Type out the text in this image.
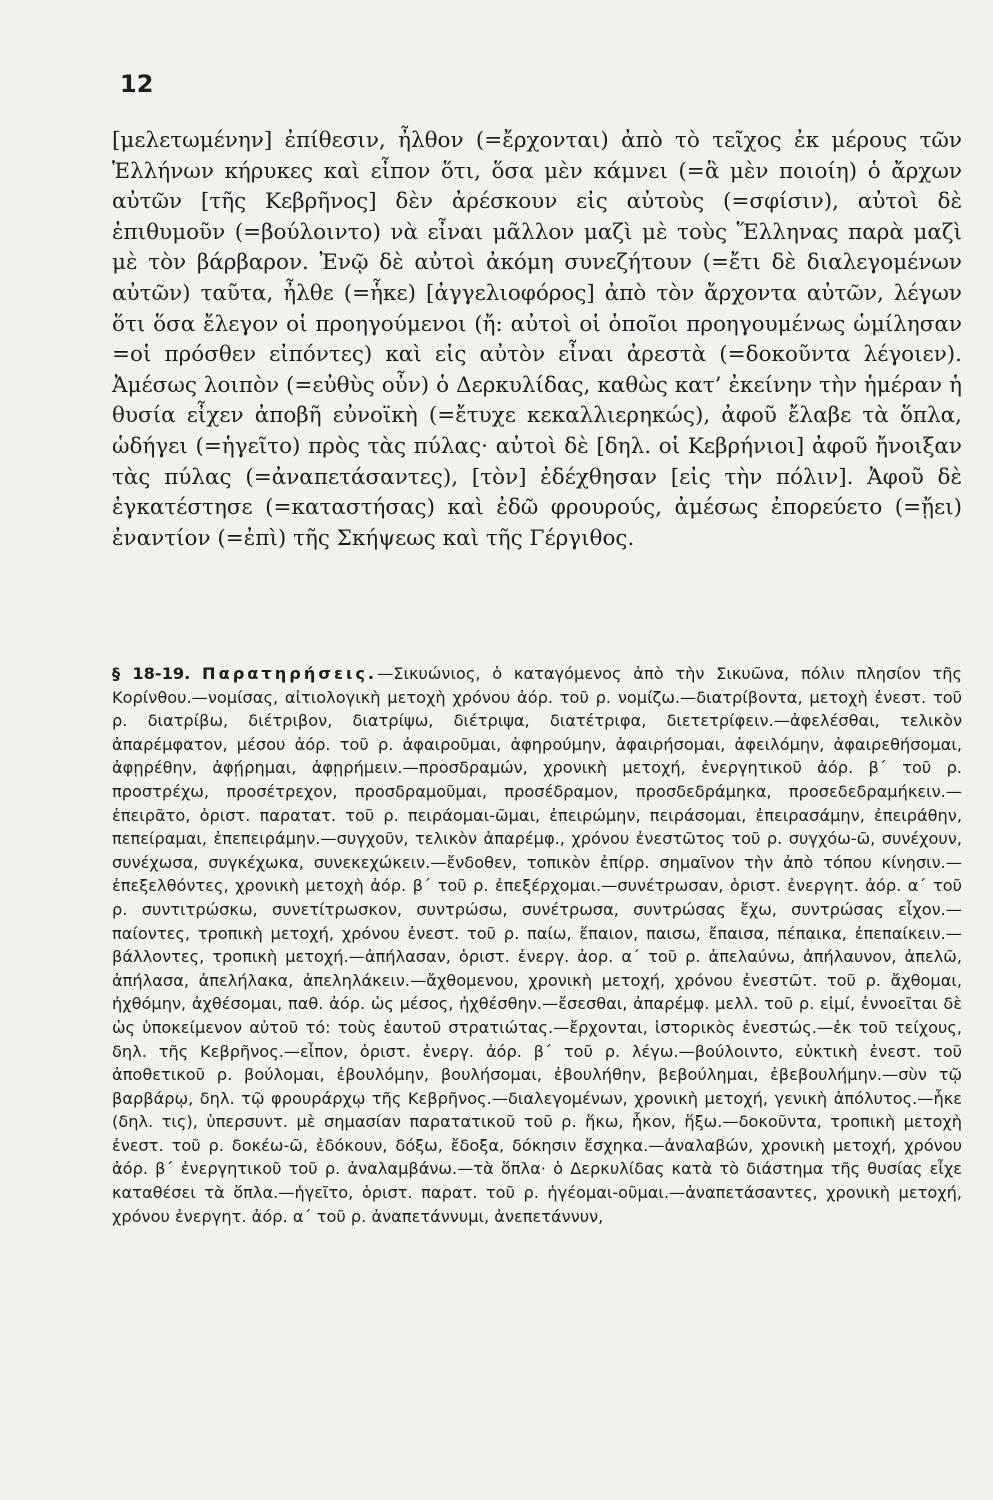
12

[μελετωμένην] ἐπίθεσιν, ἦλθον (=ἔρχονται) ἀπὸ τὸ τεῖχος ἐκ μέρους τῶν Ἑλλήνων κήρυκες καὶ εἶπον ὅτι, ὅσα μὲν κάμνει (=ἃ μὲν ποιοίη) ὁ ἄρχων αὐτῶν [τῆς Κεβρῆνος] δὲν ἀρέσκουν εἰς αὐτοὺς (=σφίσιν), αὐτοὶ δὲ ἐπιθυμοῦν (=βούλοιντο) νὰ εἶναι μᾶλλον μαζὶ μὲ τοὺς Ἕλληνας παρὰ μαζὶ μὲ τὸν βάρβαρον. Ἐνῷ δὲ αὐτοὶ ἀκόμη συνεζήτουν (=ἔτι δὲ διαλεγομένων αὐτῶν) ταῦτα, ἦλθε (=ἧκε) [ἀγγελιοφόρος] ἀπὸ τὸν ἄρχοντα αὐτῶν, λέγων ὅτι ὅσα ἔλεγον οἱ προηγούμενοι (ἤ: αὐτοὶ οἱ ὁποῖοι προηγουμένως ὡμίλησαν =οἱ πρόσθεν εἰπόντες) καὶ εἰς αὐτὸν εἶναι ἀρεστὰ (=δοκοῦντα λέγοιεν). Ἀμέσως λοιπὸν (=εὐθὺς οὖν) ὁ Δερκυλίδας, καθὼς κατ’ ἐκείνην τὴν ἡμέραν ἡ θυσία εἶχεν ἀποβῆ εὐνοϊκὴ (=ἔτυχε κεκαλλιερηκώς), ἀφοῦ ἔλαβε τὰ ὅπλα, ὡδήγει (=ἡγεῖτο) πρὸς τὰς πύλας· αὐτοὶ δὲ [δηλ. οἱ Κεβρήνιοι] ἀφοῦ ἤνοιξαν τὰς πύλας (=ἀναπετάσαντες), [τὸν] ἐδέχθησαν [εἰς τὴν πόλιν]. Ἀφοῦ δὲ ἐγκατέστησε (=καταστήσας) καὶ ἐδῶ φρουρούς, ἀμέσως ἐπορεύετο (=ᾔει) ἐναντίον (=ἐπὶ) τῆς Σκήψεως καὶ τῆς Γέργιθος.

§ 18-19. Παρατηρήσεις.—Σικυώνιος, ὁ καταγόμενος ἀπὸ τὴν Σικυῶνα, πόλιν πλησίον τῆς Κορίνθου.—νομίσας, αἰτιολογικὴ μετοχὴ χρόνου ἀόρ. τοῦ ρ. νομίζω.—διατρίβοντα, μετοχὴ ἐνεστ. τοῦ ρ. διατρίβω, διέτριβον, διατρίψω, διέτριψα, διατέτριφα, διετετρίφειν.—ἀφελέσθαι, τελικὸν ἀπαρέμφατον, μέσου ἀόρ. τοῦ ρ. ἀφαιροῦμαι, ἀφηρούμην, ἀφαιρήσομαι, ἀφειλόμην, ἀφαιρεθήσομαι, ἀφῃρέθην, ἀφῄρημαι, ἀφῃρήμειν.—προσδραμών, χρονικὴ μετοχή, ἐνεργητικοῦ ἀόρ. β΄ τοῦ ρ. προστρέχω, προσέτρεχον, προσδραμοῦμαι, προσέδραμον, προσδεδράμηκα, προσεδεδραμήκειν.—ἐπειρᾶτο, ὁριστ. παρατατ. τοῦ ρ. πειράομαι-ῶμαι, ἐπειρώμην, πειράσομαι, ἐπειρασάμην, ἐπειράθην, πεπείραμαι, ἐπεπειράμην.—συγχοῦν, τελικὸν ἀπαρέμφ., χρόνου ἐνεστῶτος τοῦ ρ. συγχόω-ῶ, συνέχουν, συνέχωσα, συγκέχωκα, συνεκεχώκειν.—ἔνδοθεν, τοπικὸν ἐπίρρ. σημαῖνον τὴν ἀπὸ τόπου κίνησιν.—ἐπεξελθόντες, χρονικὴ μετοχὴ ἀόρ. β΄ τοῦ ρ. ἐπεξέρχομαι.—συνέτρωσαν, ὁριστ. ἐνεργητ. ἀόρ. α΄ τοῦ ρ. συντιτρώσκω, συνετίτρωσκον, συντρώσω, συνέτρωσα, συντρώσας ἔχω, συντρώσας εἶχον.—παίοντες, τροπικὴ μετοχή, χρόνου ἐνεστ. τοῦ ρ. παίω, ἔπαιον, παισω, ἔπαισα, πέπαικα, ἐπεπαίκειν.—βάλλοντες, τροπικὴ μετοχή.—ἀπήλασαν, ὁριστ. ἐνεργ. ἀορ. α΄ τοῦ ρ. ἀπελαύνω, ἀπήλαυνον, ἀπελῶ, ἀπήλασα, ἀπελήλακα, ἀπεληλάκειν.—ἄχθομενου, χρονικὴ μετοχή, χρόνου ἐνεστῶτ. τοῦ ρ. ἄχθομαι, ἠχθόμην, ἀχθέσομαι, παθ. ἀόρ. ὡς μέσος, ἠχθέσθην.—ἔσεσθαι, ἀπαρέμφ. μελλ. τοῦ ρ. εἰμί, ἐννοεῖται δὲ ὡς ὑποκείμενον αὐτοῦ τό: τοὺς ἑαυτοῦ στρατιώτας.—ἔρχονται, ἱστορικὸς ἐνεστώς.—ἐκ τοῦ τείχους, δηλ. τῆς Κεβρῆνος.—εἶπον, ὁριστ. ἐνεργ. ἀόρ. β΄ τοῦ ρ. λέγω.—βούλοιντο, εὐκτικὴ ἐνεστ. τοῦ ἀποθετικοῦ ρ. βούλομαι, ἐβουλόμην, βουλήσομαι, ἐβουλήθην, βεβούλημαι, ἐβεβουλήμην.—σὺν τῷ βαρβάρῳ, δηλ. τῷ φρουράρχῳ τῆς Κεβρῆνος.—διαλεγομένων, χρονικὴ μετοχή, γενικὴ ἀπόλυτος.—ἧκε (δηλ. τις), ὑπερσυντ. μὲ σημασίαν παρατατικοῦ τοῦ ρ. ἥκω, ἧκον, ἥξω.—δοκοῦντα, τροπικὴ μετοχὴ ἐνεστ. τοῦ ρ. δοκέω-ῶ, ἐδόκουν, δόξω, ἔδοξα, δόκησιν ἔσχηκα.—ἀναλαβών, χρονικὴ μετοχή, χρόνου ἀόρ. β΄ ἐνεργητικοῦ τοῦ ρ. ἀναλαμβάνω.—τὰ ὅπλα· ὁ Δερκυλίδας κατὰ τὸ διάστημα τῆς θυσίας εἶχε καταθέσει τὰ ὅπλα.—ἡγεῖτο, ὁριστ. παρατ. τοῦ ρ. ἡγέομαι-οῦμαι.—ἀναπετάσαντες, χρονικὴ μετοχή, χρόνου ἐνεργητ. ἀόρ. α΄ τοῦ ρ. ἀναπετάννυμι, ἀνεπετάννυν,
